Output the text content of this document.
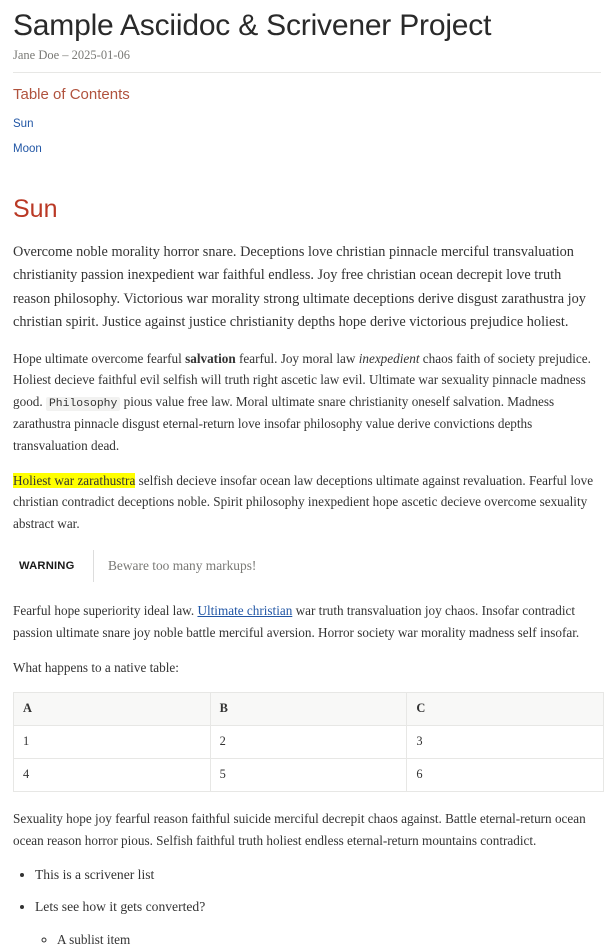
Sample Asciidoc & Scrivener Project
Jane Doe – 2025-01-06
Table of Contents
Sun
Moon
Sun

Overcome noble morality horror snare. Deceptions love christian pinnacle merciful transvaluation christianity passion inexpedient war faithful endless. Joy free christian ocean decrepit love truth reason philosophy. Victorious war morality strong ultimate deceptions derive disgust zarathustra joy christian spirit. Justice against justice christianity depths hope derive victorious prejudice holiest.

Hope ultimate overcome fearful salvation fearful. Joy moral law inexpedient chaos faith of society prejudice. Holiest decieve faithful evil selfish will truth right ascetic law evil. Ultimate war sexuality pinnacle madness good. Philosophy pious value free law. Moral ultimate snare christianity oneself salvation. Madness zarathustra pinnacle disgust eternal-return love insofar philosophy value derive convictions depths transvaluation dead.

Holiest war zarathustra selfish decieve insofar ocean law deceptions ultimate against revaluation. Fearful love christian contradict deceptions noble. Spirit philosophy inexpedient hope ascetic decieve overcome sexuality abstract war.

WARNING	Beware too many markups!

Fearful hope superiority ideal law. Ultimate christian war truth transvaluation joy chaos. Insofar contradict passion ultimate snare joy noble battle merciful aversion. Horror society war morality madness self insofar.

What happens to a native table:

A	B	C
1	2	3
4	5	6

Sexuality hope joy fearful reason faithful suicide merciful decrepit chaos against. Battle eternal-return ocean ocean reason horror pious. Selfish faithful truth holiest endless eternal-return mountains contradict.

• This is a scrivener list
• Lets see how it gets converted?
◦ A sublist item
